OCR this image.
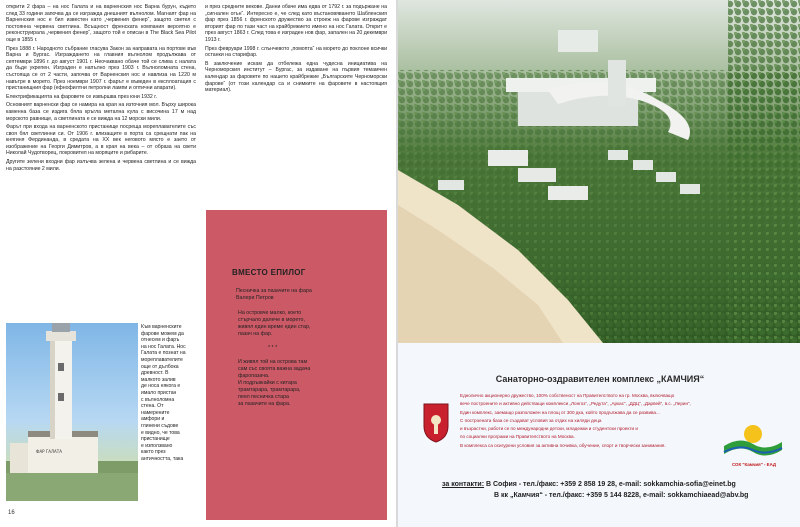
открити 2 фара – на нос Галата и на варненския нос Варна бурун, където след 33 години започва да се изгражда днешният вълнолом. Магнаят фар на Варненския нос е бил известен като „червения фенер“, защото светел с постоянна червена светлина. Всъщност френската компания вероятно е реконструирала „червения фенер“, защото той е описан в The Black Sea Pilot още в 1855 г.

През 1888 г. Народното събрание гласува Закон за направата на портове във Варна и Бургас. Изграждането на главния вълнолом продължава от септември 1896 г. до август 1901 г. Неочаквано обаче той се слива с налата да бъде укрепен. Изграден е напълно през 1903 г. Вълноломната стена, състояща се от 2 части, започва от Варненския нос и навлиза на 1220 м навътре в морето. През ноември 1907 г. фарът е въведен в експлоатация с пристанищния фар (ефнофилтни петролни лампи и оптични апарати).

Електрификацията на фаровете се извършва през юни 1932 г.

Основният варненски фар се намира на края на източния мол. Върху широка каменна база се издига бяла кръгла метална кула с височина 17 м над морското равнище, а светлината е се вижда на 12 морски мили.

Фарът при входа на варненското пристанище посреща мореплавателите със своя бял светлинни си. От 1906 г. влизащите в порта са срещнати пак на княгиня Фердинанда, в средата на XX век неговото място е заето от изображение на Георги Димитров, а в края на века – от образа на свети Николай Чудотворец, покровител на моряците и рибарите.

Другите зелени входни фар излъчва зелена и червена светлина и се вижда на разстояние 2 мили.

и през средните векове. Данни обаче има едва от 1792 г. за подържане на „сигнален огън“. Интересно е, че след като въстановяването Шабленския фар през 1856 г. френското дружество за строеж на фарове изграждат вторият фар по тази част на крайбрежието имено на нос Галата. Открит е през август 1863 г. След това е изграден нов фар, запален на 20 декември 1913 г.

През февруари 1998 г. слънчевото „помопта“ на морето до поклоне всички останки на старифар.

В заключение искам да отбележа една чудесна инициатива на Черноморския институт – Бургас, за издаване на първия темамчен календар за фаровете по нашето крайбрежие „Българските Черноморски фарове“ (от този календар са и снимките на фаровете в настоящия материал).

ФАР ГАЛАТА

Към варненските

фарове можем да

отнесем и фаръ

на нос Галата. Нос

Галата е познат на

мореплавателите

още от дълбока

древност. В

малкото залив

де носа някога е

имало пристан

с вълноломна

стена. От

намерените

амфори и

глинени съдове

е видно, че това

пристанище

е използвано

както през

античността, така

16
ВМЕСТО ЕПИЛОГ
Песничка за пазачите на фара
Валери Петров
На островче малко, което
стърчало далече в морето,
живял един време един стар,
пазач на фар.
* * *
И живял той на острова там
сам със своята важна задача
фаропазача.
И подръвкайки с китара
трамтарара, трамтарара,
пеел песничка стара
за пазачите на фара.
Санаторно-оздравителен комплекс „КАМЧИЯ“
Еднолично акционерно дружество, 100% собственост на Правителството на гр. Москва, включващо
вече построените и активно действащи комплекси „Лонгоз“, „Редута“, „Аркас“, „ДДЦ“, „Дарвей“, в.с. „Лерин“,
Един комплекс, заемащо разположен на площ от 300 дка, който продължава да се развива...
С построената база се създават условия за отдих на хиляди деца
и възрастни, работи се по международни детски, младежки и студентски проекти и
по социални програми на Правителството на Москва.
В комплекса са осигурени условия за активна почивка, обучение, спорт и творчески занимания.
СОК "Камчия" - ЕАД
за контакти: В София - тел./факс: +359 2 858 19 28, e-mail: sokkamchia-sofia@einet.bg
В кк „Камчия“ - тел./факс: +359 5 144 8228, e-mail: sokkamchiaead@abv.bg
